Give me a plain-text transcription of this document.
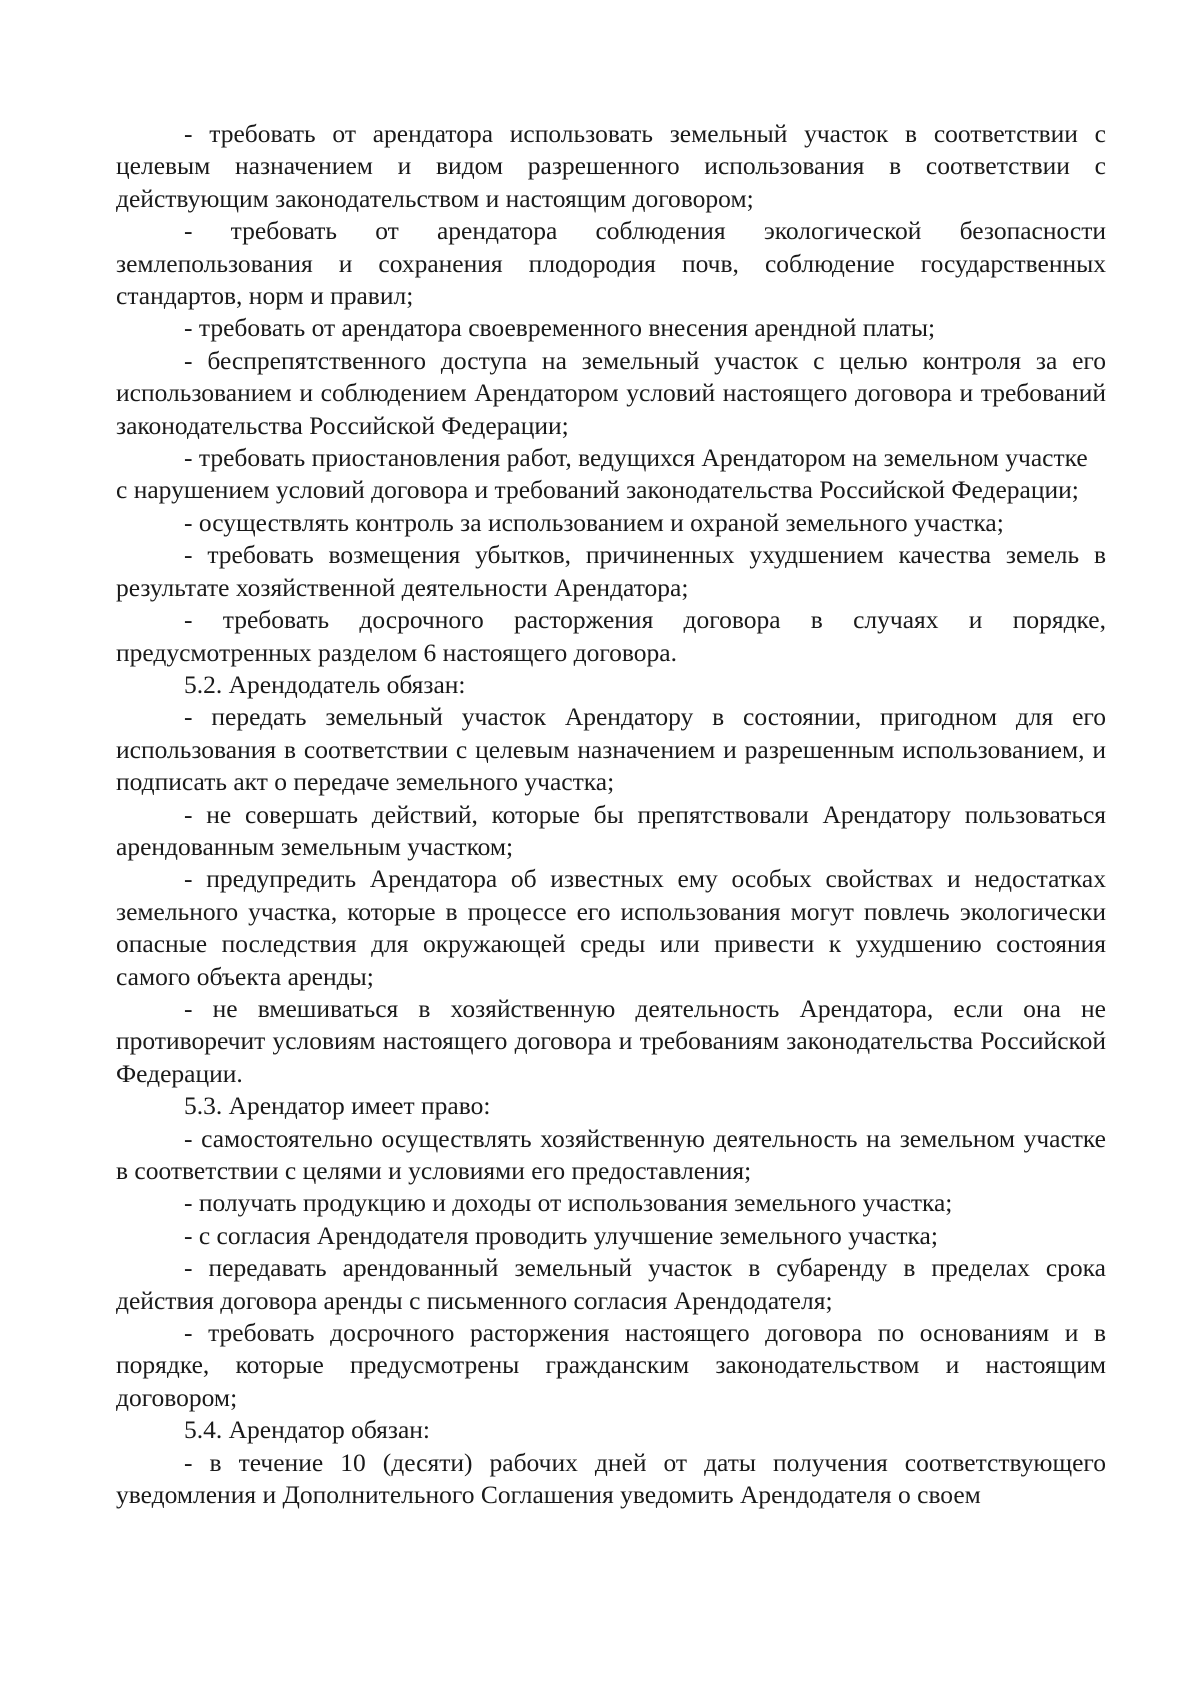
- требовать от арендатора использовать земельный участок в соответствии с целевым назначением и видом разрешенного использования в соответствии с действующим законодательством и настоящим договором;

- требовать от арендатора соблюдения экологической безопасности землепользования и сохранения плодородия почв, соблюдение государственных стандартов, норм и правил;

- требовать от арендатора своевременного внесения арендной платы;

- беспрепятственного доступа на земельный участок с целью контроля за его использованием и соблюдением Арендатором условий настоящего договора и требований законодательства Российской Федерации;

- требовать приостановления работ, ведущихся Арендатором на земельном участке

с нарушением условий договора и требований законодательства Российской Федерации;

- осуществлять контроль за использованием и охраной земельного участка;

- требовать возмещения убытков, причиненных ухудшением качества земель в результате хозяйственной деятельности Арендатора;

- требовать досрочного расторжения договора в случаях и порядке, предусмотренных разделом 6 настоящего договора.

5.2. Арендодатель обязан:

- передать земельный участок Арендатору в состоянии, пригодном для его использования в соответствии с целевым назначением и разрешенным использованием, и подписать акт о передаче земельного участка;

- не совершать действий, которые бы препятствовали Арендатору пользоваться арендованным земельным участком;

- предупредить Арендатора об известных ему особых свойствах и недостатках земельного участка, которые в процессе его использования могут повлечь экологически опасные последствия для окружающей среды или привести к ухудшению состояния самого объекта аренды;

- не вмешиваться в хозяйственную деятельность Арендатора, если она не противоречит условиям настоящего договора и требованиям законодательства Российской Федерации.

5.3. Арендатор имеет право:

- самостоятельно осуществлять хозяйственную деятельность на земельном участке в соответствии с целями и условиями его предоставления;

- получать продукцию и доходы от использования земельного участка;

- с согласия Арендодателя проводить улучшение земельного участка;

- передавать арендованный земельный участок в субаренду в пределах срока действия договора аренды с письменного согласия Арендодателя;

- требовать досрочного расторжения настоящего договора по основаниям и в порядке, которые предусмотрены гражданским законодательством и настоящим договором;

5.4. Арендатор обязан:

- в течение 10 (десяти) рабочих дней от даты получения соответствующего уведомления и Дополнительного Соглашения уведомить Арендодателя о своем
